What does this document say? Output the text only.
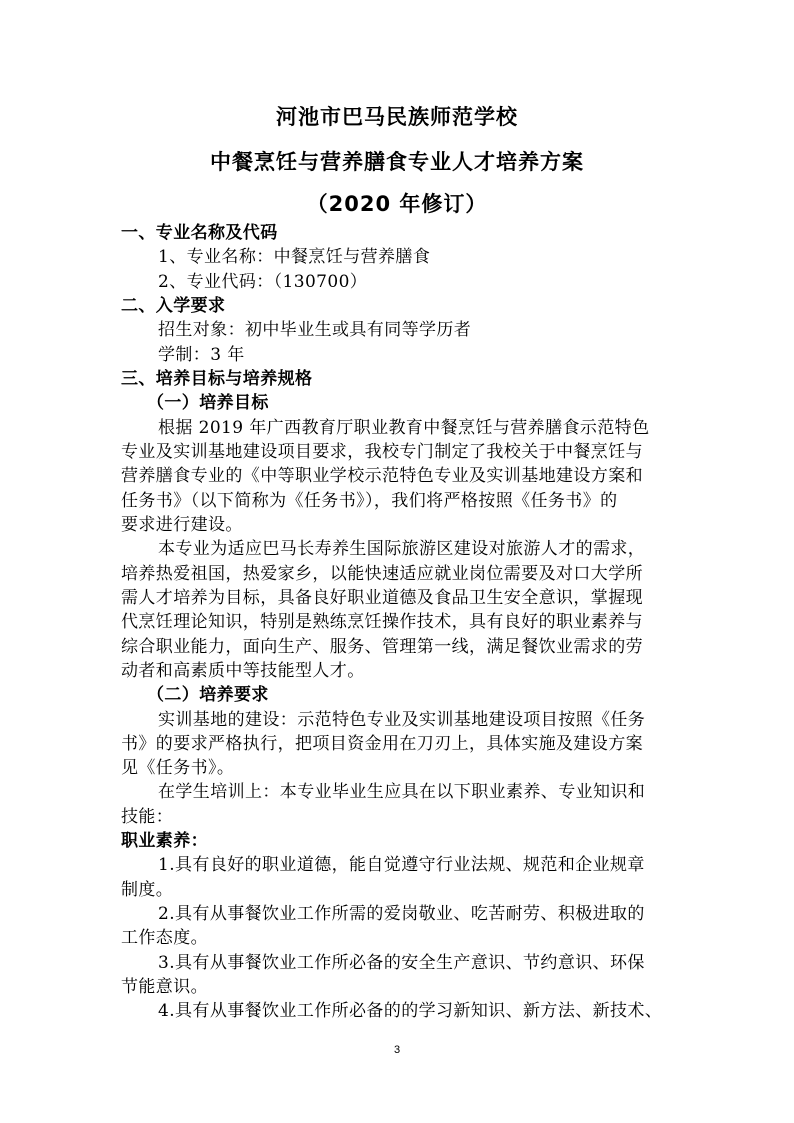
河池市巴马民族师范学校
中餐烹饪与营养膳食专业人才培养方案
（2020 年修订）
一、专业名称及代码
1、专业名称：中餐烹饪与营养膳食
2、专业代码：（130700）
二、入学要求
招生对象：初中毕业生或具有同等学历者
学制：3 年
三、培养目标与培养规格
（一）培养目标
根据 2019 年广西教育厅职业教育中餐烹饪与营养膳食示范特色
专业及实训基地建设项目要求，我校专门制定了我校关于中餐烹饪与
营养膳食专业的《中等职业学校示范特色专业及实训基地建设方案和
任务书》（以下简称为《任务书》），我们将严格按照《任务书》的
要求进行建设。
本专业为适应巴马长寿养生国际旅游区建设对旅游人才的需求，
培养热爱祖国，热爱家乡，以能快速适应就业岗位需要及对口大学所
需人才培养为目标，具备良好职业道德及食品卫生安全意识，掌握现
代烹饪理论知识，特别是熟练烹饪操作技术，具有良好的职业素养与
综合职业能力，面向生产、服务、管理第一线，满足餐饮业需求的劳
动者和高素质中等技能型人才。
（二）培养要求
实训基地的建设：示范特色专业及实训基地建设项目按照《任务
书》的要求严格执行，把项目资金用在刀刃上，具体实施及建设方案
见《任务书》。
在学生培训上：本专业毕业生应具在以下职业素养、专业知识和
技能：
职业素养：
1.具有良好的职业道德，能自觉遵守行业法规、规范和企业规章
制度。
2.具有从事餐饮业工作所需的爱岗敬业、吃苦耐劳、积极进取的
工作态度。
3.具有从事餐饮业工作所必备的安全生产意识、节约意识、环保
节能意识。
4.具有从事餐饮业工作所必备的的学习新知识、新方法、新技术、
3
